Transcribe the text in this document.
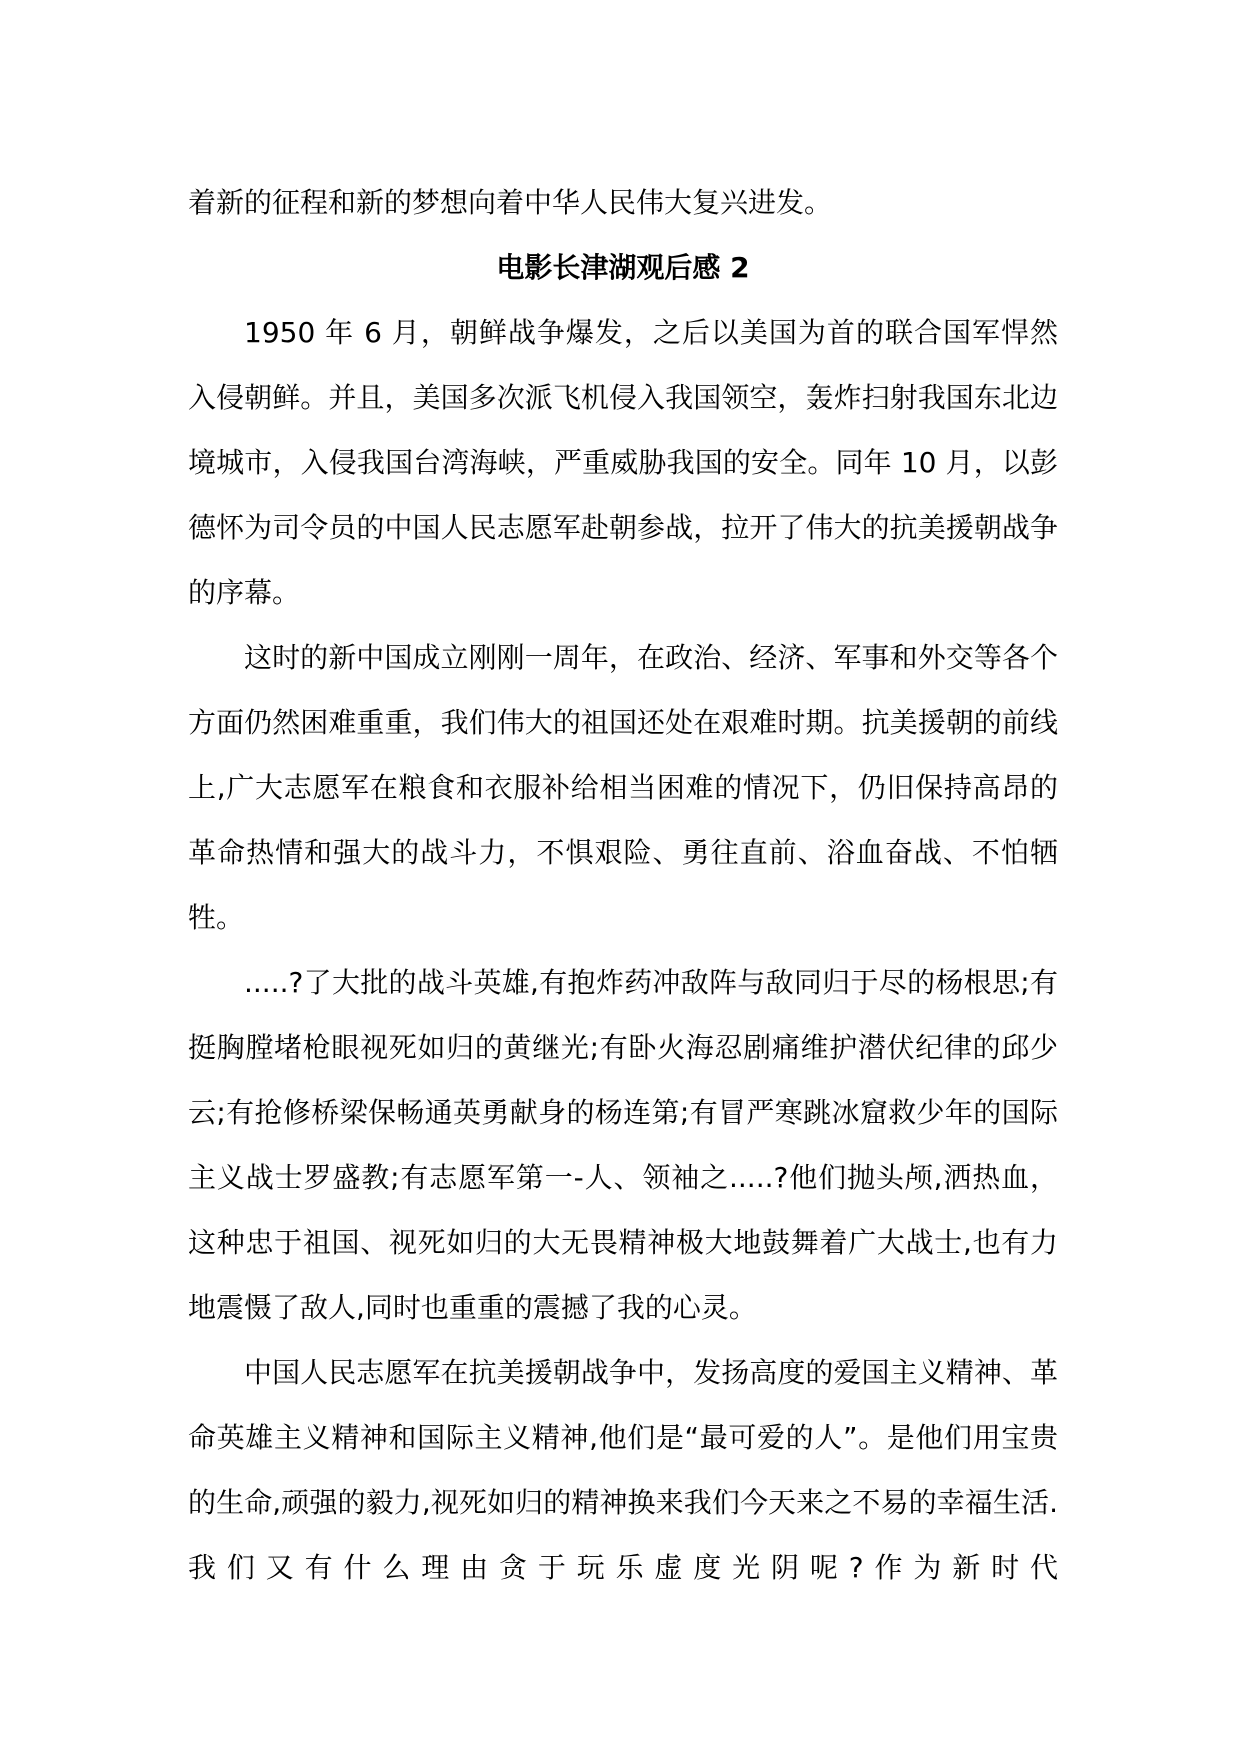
着新的征程和新的梦想向着中华人民伟大复兴进发。

电影长津湖观后感 2

1950 年 6 月，朝鲜战争爆发，之后以美国为首的联合国军悍然入侵朝鲜。并且，美国多次派飞机侵入我国领空，轰炸扫射我国东北边境城市，入侵我国台湾海峡，严重威胁我国的安全。同年 10 月，以彭德怀为司令员的中国人民志愿军赴朝参战，拉开了伟大的抗美援朝战争的序幕。

这时的新中国成立刚刚一周年，在政治、经济、军事和外交等各个方面仍然困难重重，我们伟大的祖国还处在艰难时期。抗美援朝的前线上,广大志愿军在粮食和衣服补给相当困难的情况下，仍旧保持高昂的革命热情和强大的战斗力，不惧艰险、勇往直前、浴血奋战、不怕牺牲。

.....?了大批的战斗英雄,有抱炸药冲敌阵与敌同归于尽的杨根思;有挺胸膛堵枪眼视死如归的黄继光;有卧火海忍剧痛维护潜伏纪律的邱少云;有抢修桥梁保畅通英勇献身的杨连第;有冒严寒跳冰窟救少年的国际主义战士罗盛教;有志愿军第一-人、领袖之.....?他们抛头颅,洒热血，这种忠于祖国、视死如归的大无畏精神极大地鼓舞着广大战士,也有力地震慑了敌人,同时也重重的震撼了我的心灵。

中国人民志愿军在抗美援朝战争中，发扬高度的爱国主义精神、革命英雄主义精神和国际主义精神,他们是“最可爱的人”。是他们用宝贵的生命,顽强的毅力,视死如归的精神换来我们今天来之不易的幸福生活.我们又有什么理由贪于玩乐虚度光阴呢?作为新时代
